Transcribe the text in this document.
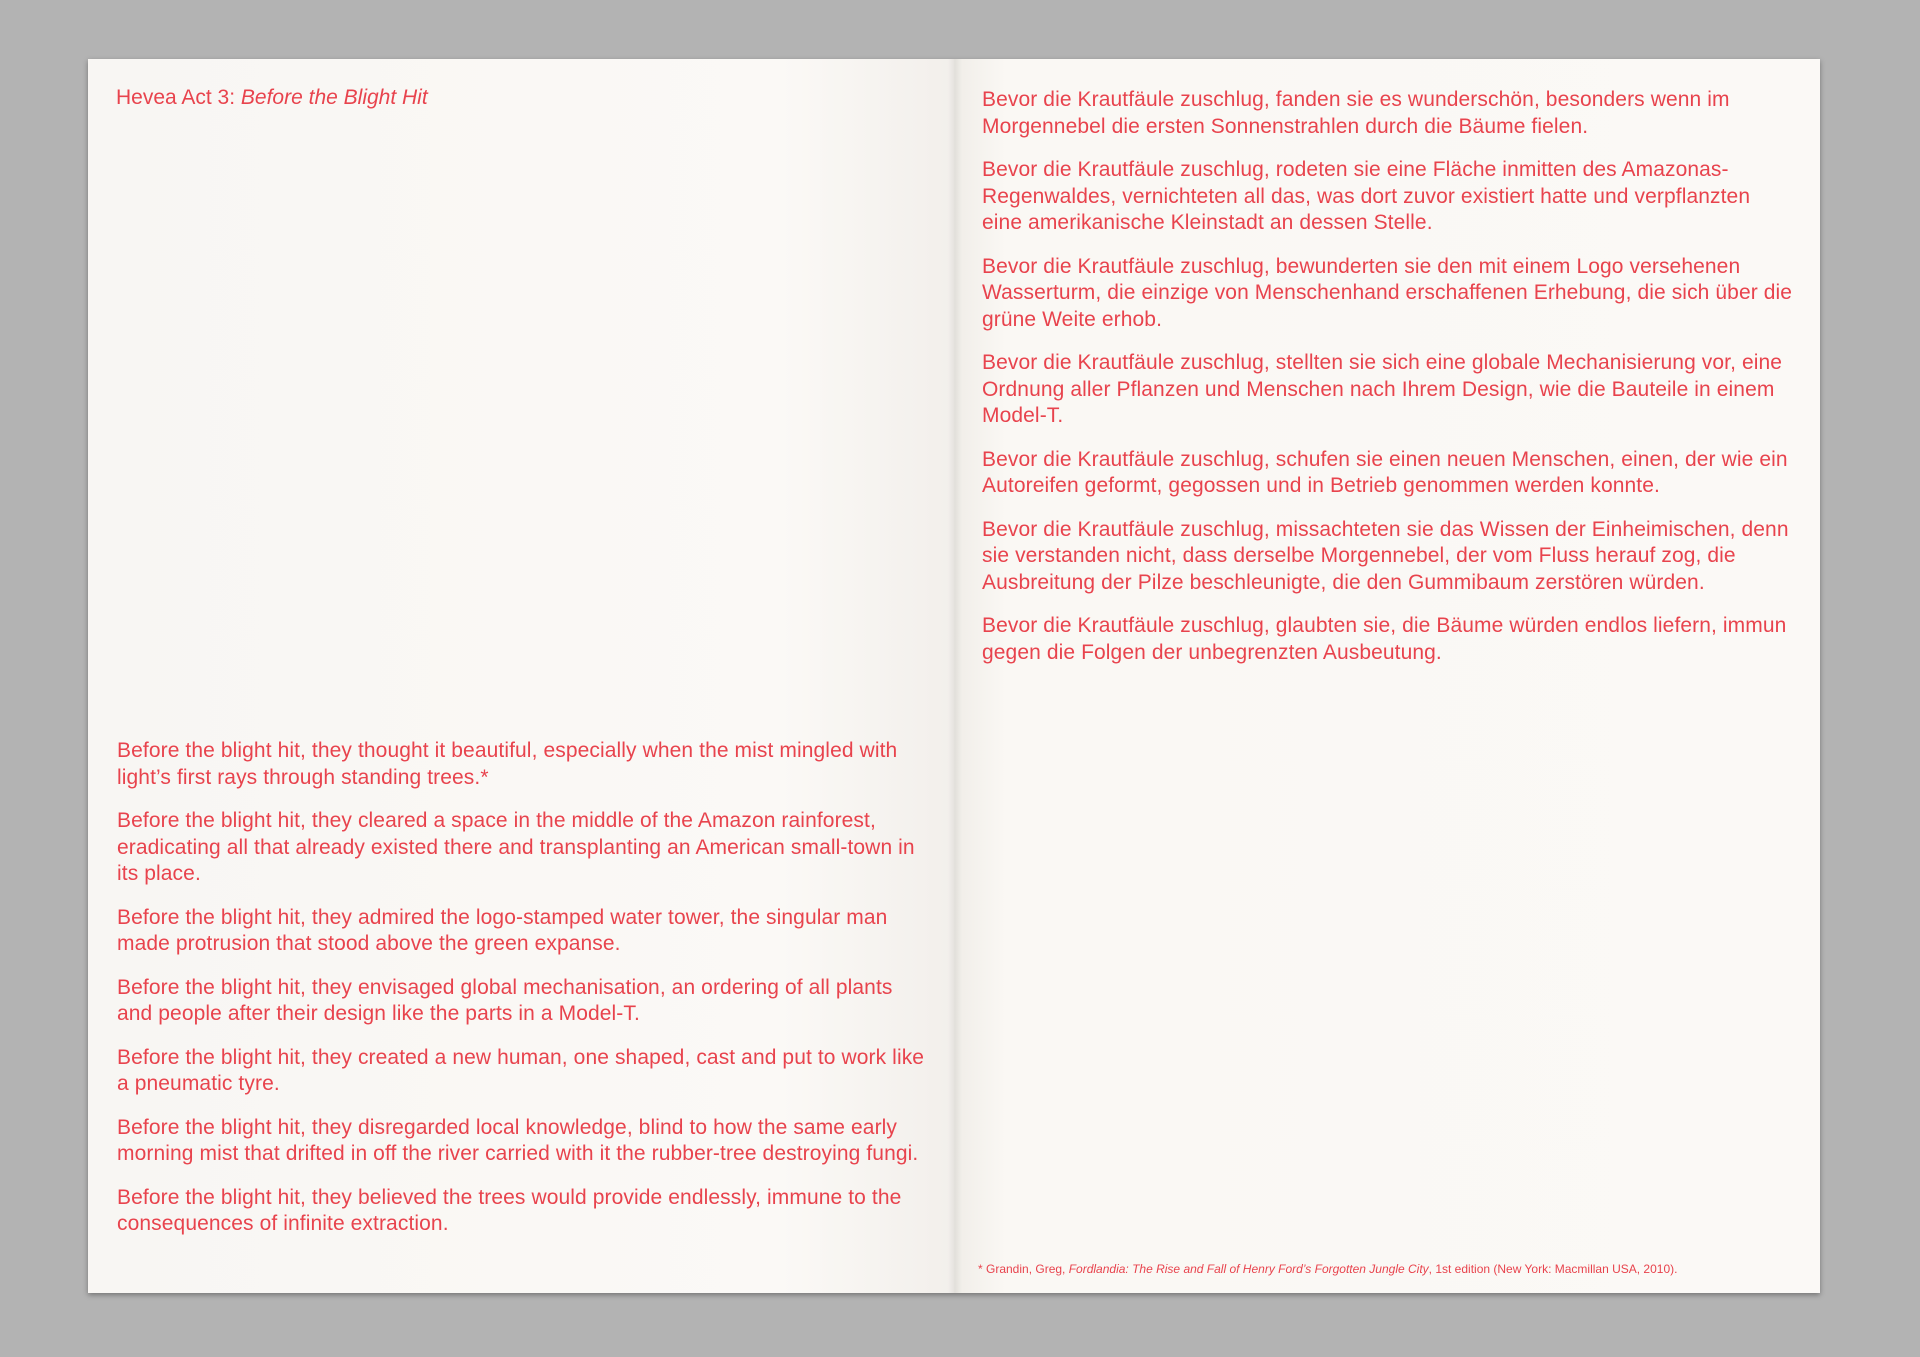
Hevea Act 3: Before the Blight Hit

Before the blight hit, they thought it beautiful, especially when the mist mingled with light’s first rays through standing trees.*

Before the blight hit, they cleared a space in the middle of the Amazon rainforest, eradicating all that already existed there and transplanting an American small-town in its place.

Before the blight hit, they admired the logo-stamped water tower, the singular man made protrusion that stood above the green expanse.

Before the blight hit, they envisaged global mechanisation, an ordering of all plants and people after their design like the parts in a Model-T.

Before the blight hit, they created a new human, one shaped, cast and put to work like a pneumatic tyre.

Before the blight hit, they disregarded local knowledge, blind to how the same early morning mist that drifted in off the river carried with it the rubber-tree destroying fungi.

Before the blight hit, they believed the trees would provide endlessly, immune to the consequences of infinite extraction.

Bevor die Krautfäule zuschlug, fanden sie es wunderschön, besonders wenn im Morgennebel die ersten Sonnenstrahlen durch die Bäume fielen.

Bevor die Krautfäule zuschlug, rodeten sie eine Fläche inmitten des Amazonas-Regenwaldes, vernichteten all das, was dort zuvor existiert hatte und verpflanzten eine amerikanische Kleinstadt an dessen Stelle.

Bevor die Krautfäule zuschlug, bewunderten sie den mit einem Logo versehenen Wasserturm, die einzige von Menschenhand erschaffenen Erhebung, die sich über die grüne Weite erhob.

Bevor die Krautfäule zuschlug, stellten sie sich eine globale Mechanisierung vor, eine Ordnung aller Pflanzen und Menschen nach Ihrem Design, wie die Bauteile in einem Model-T.

Bevor die Krautfäule zuschlug, schufen sie einen neuen Menschen, einen, der wie ein Autoreifen geformt, gegossen und in Betrieb genommen werden konnte.

Bevor die Krautfäule zuschlug, missachteten sie das Wissen der Einheimischen, denn sie verstanden nicht, dass derselbe Morgennebel, der vom Fluss herauf zog, die Ausbreitung der Pilze beschleunigte, die den Gummibaum zerstören würden.

Bevor die Krautfäule zuschlug, glaubten sie, die Bäume würden endlos liefern, immun gegen die Folgen der unbegrenzten Ausbeutung.

* Grandin, Greg, Fordlandia: The Rise and Fall of Henry Ford’s Forgotten Jungle City, 1st edition (New York: Macmillan USA, 2010).
